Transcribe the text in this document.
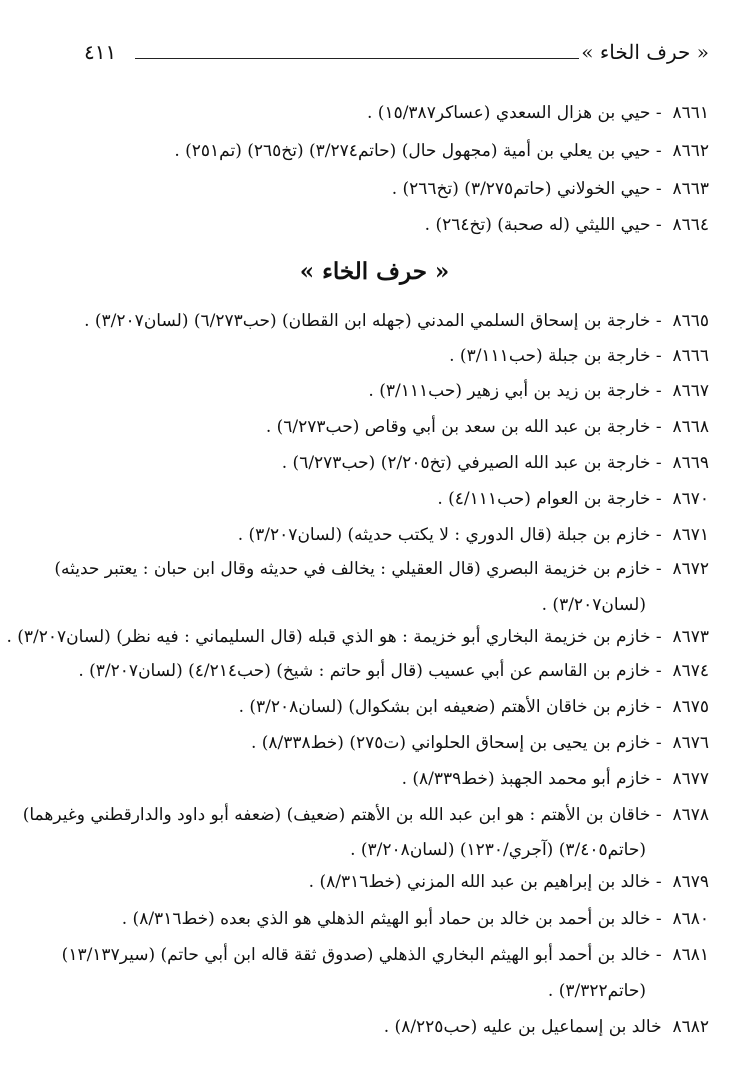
« حرف الخاء »
٤١١
« حرف الخاء »
٨٦٦١ - حيي بن هزال السعدي (عساكر١٥/٣٨٧) .
٨٦٦٢ - حيي بن يعلي بن أمية (مجهول حال) (حاتم٣/٢٧٤) (تخ٢٦٥) (تم٢٥١) .
٨٦٦٣ - حيي الخولاني (حاتم٣/٢٧٥) (تخ٢٦٦) .
٨٦٦٤ - حيي الليثي (له صحبة) (تخ٢٦٤) .
٨٦٦٥ - خارجة بن إسحاق السلمي المدني (جهله ابن القطان) (حب٦/٢٧٣) (لسان٣/٢٠٧) .
٨٦٦٦ - خارجة بن جبلة (حب٣/١١١) .
٨٦٦٧ - خارجة بن زيد بن أبي زهير (حب٣/١١١) .
٨٦٦٨ - خارجة بن عبد الله بن سعد بن أبي وقاص (حب٦/٢٧٣) .
٨٦٦٩ - خارجة بن عبد الله الصيرفي (تخ٢/٢٠٥) (حب٦/٢٧٣) .
٨٦٧٠ - خارجة بن العوام (حب٤/١١١) .
٨٦٧١ - خازم بن جبلة (قال الدوري : لا يكتب حديثه) (لسان٣/٢٠٧) .
٨٦٧٢ - خازم بن خزيمة البصري (قال العقيلي : يخالف في حديثه وقال ابن حبان : يعتبر حديثه)
(لسان٣/٢٠٧) .
٨٦٧٣ - خازم بن خزيمة البخاري أبو خزيمة : هو الذي قبله (قال السليماني : فيه نظر) (لسان٣/٢٠٧) .
٨٦٧٤ - خازم بن القاسم عن أبي عسيب (قال أبو حاتم : شيخ) (حب٤/٢١٤) (لسان٣/٢٠٧) .
٨٦٧٥ - خازم بن خاقان الأهتم (ضعيفه ابن بشكوال) (لسان٣/٢٠٨) .
٨٦٧٦ - خازم بن يحيى بن إسحاق الحلواني (ت٢٧٥) (خط٨/٣٣٨) .
٨٦٧٧ - خازم أبو محمد الجهبذ (خط٨/٣٣٩) .
٨٦٧٨ - خاقان بن الأهتم : هو ابن عبد الله بن الأهتم (ضعيف) (ضعفه أبو داود والدارقطني وغيرهما)
(حاتم٣/٤٠٥) (آجري/١٢٣٠) (لسان٣/٢٠٨) .
٨٦٧٩ - خالد بن إبراهيم بن عبد الله المزني (خط٨/٣١٦) .
٨٦٨٠ - خالد بن أحمد بن خالد بن حماد أبو الهيثم الذهلي هو الذي بعده (خط٨/٣١٦) .
٨٦٨١ - خالد بن أحمد أبو الهيثم البخاري الذهلي (صدوق ثقة قاله ابن أبي حاتم) (سير١٣/١٣٧)
(حاتم٣/٣٢٢) .
٨٦٨٢ خالد بن إسماعيل بن عليه (حب٨/٢٢٥) .
